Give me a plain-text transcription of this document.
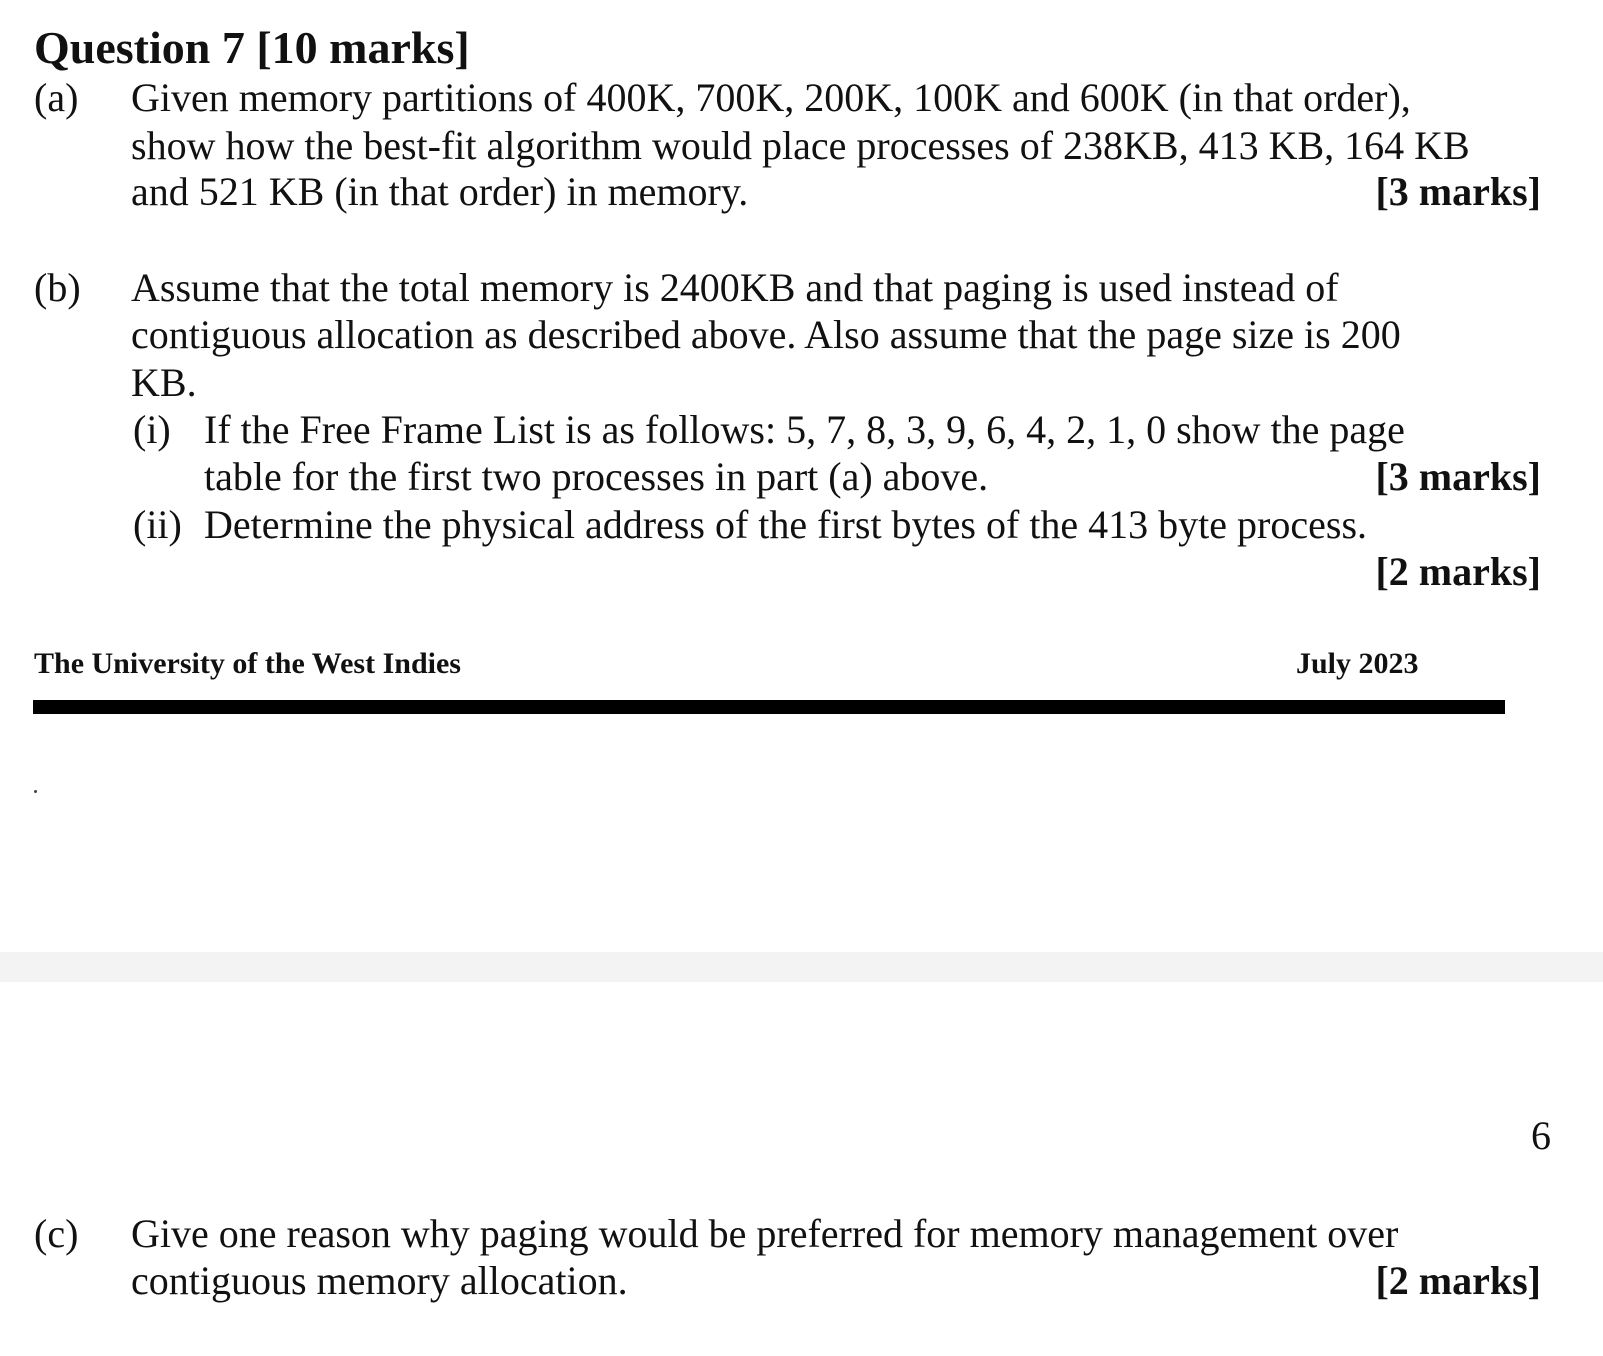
Question 7 [10 marks]
(a) Given memory partitions of 400K, 700K, 200K, 100K and 600K (in that order),
show how the best-fit algorithm would place processes of 238KB, 413 KB, 164 KB
and 521 KB (in that order) in memory.	[3 marks]
(b) Assume that the total memory is 2400KB and that paging is used instead of
contiguous allocation as described above. Also assume that the page size is 200
KB.
(i) If the Free Frame List is as follows: 5, 7, 8, 3, 9, 6, 4, 2, 1, 0 show the page
table for the first two processes in part (a) above.	[3 marks]
(ii) Determine the physical address of the first bytes of the 413 byte process.
[2 marks]
The University of the West Indies	July 2023
6
(c) Give one reason why paging would be preferred for memory management over
contiguous memory allocation.	[2 marks]
